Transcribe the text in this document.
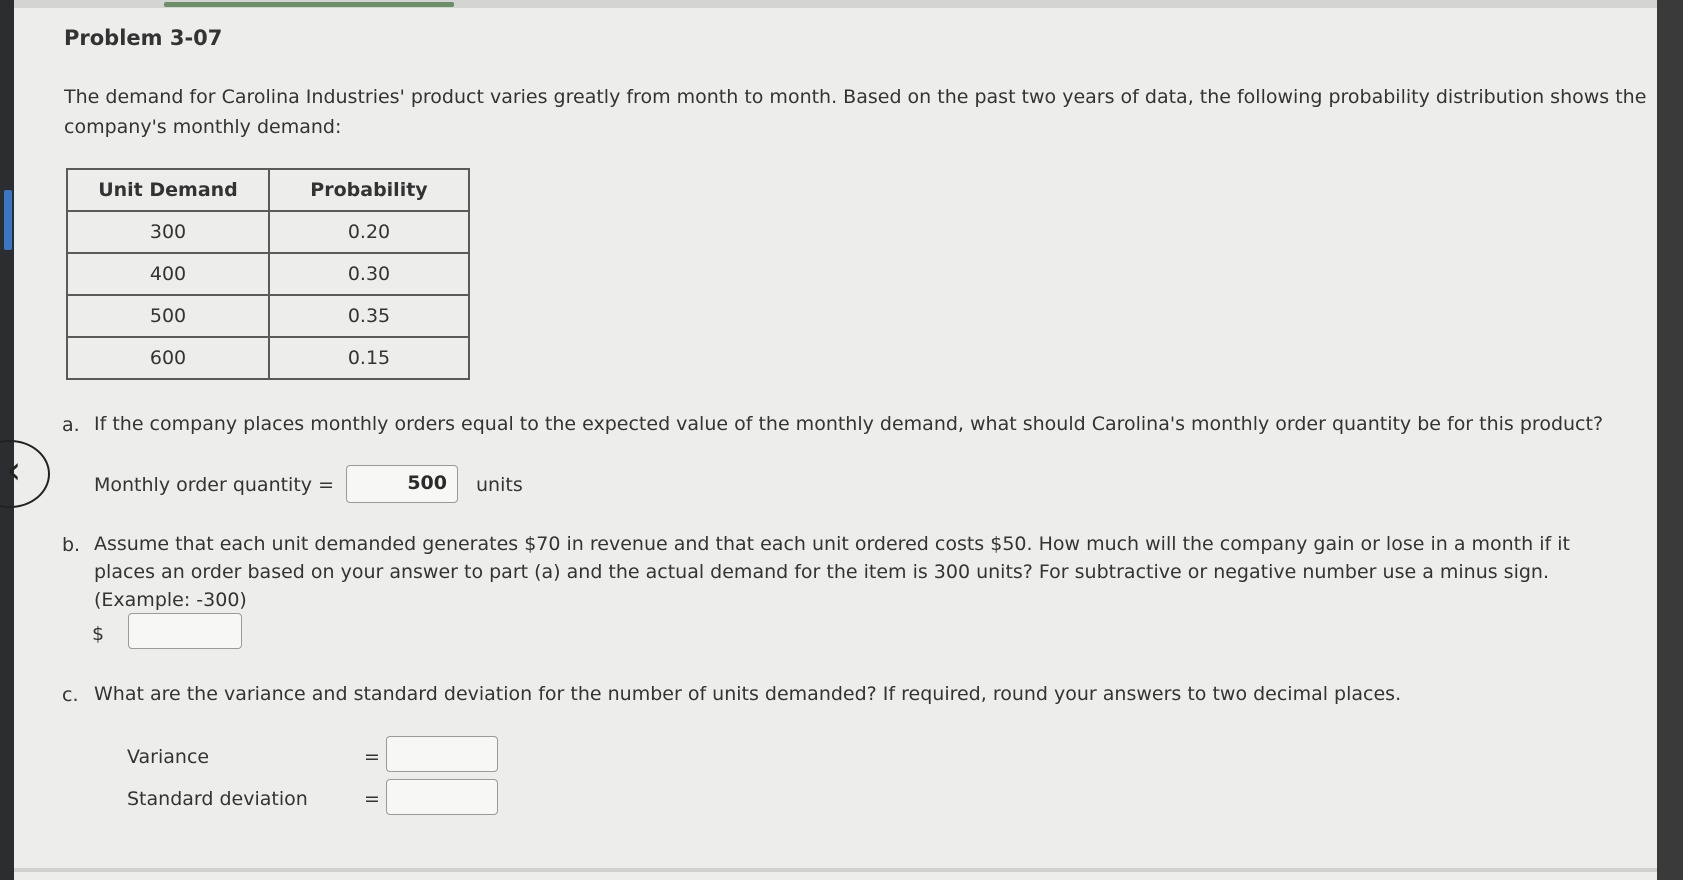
Problem 3-07
The demand for Carolina Industries' product varies greatly from month to month. Based on the past two years of data, the following probability distribution shows the company's monthly demand:
Unit Demand	Probability
300	0.20
400	0.30
500	0.35
600	0.15
a. If the company places monthly orders equal to the expected value of the monthly demand, what should Carolina's monthly order quantity be for this product?
Monthly order quantity =	500	units
b. Assume that each unit demanded generates $70 in revenue and that each unit ordered costs $50. How much will the company gain or lose in a month if it places an order based on your answer to part (a) and the actual demand for the item is 300 units? For subtractive or negative number use a minus sign. (Example: -300)
$
c. What are the variance and standard deviation for the number of units demanded? If required, round your answers to two decimal places.
Variance	=
Standard deviation	=
‹
